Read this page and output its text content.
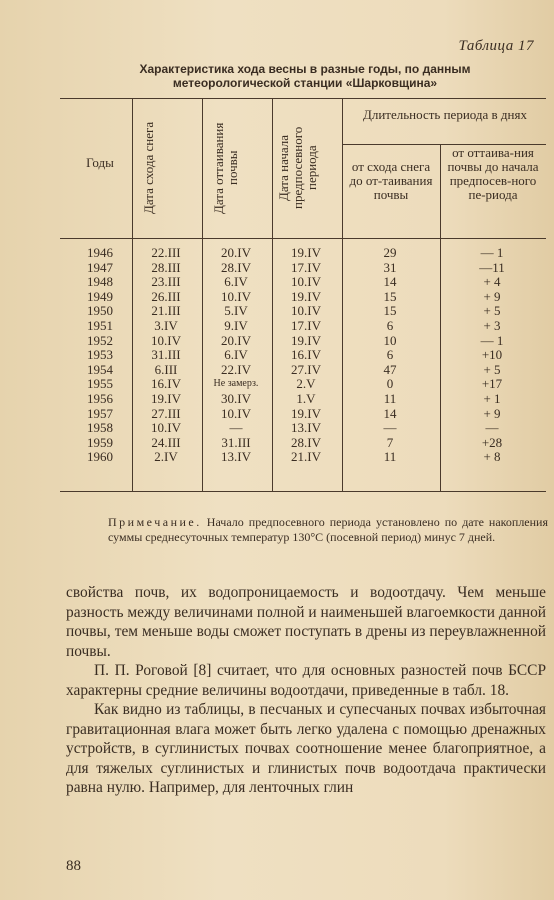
Таблица 17
Характеристика хода весны в разные годы, по данным
метеорологической станции «Шарковщина»
Годы	Дата схода снега	Дата оттаивания почвы	Дата начала предпосевного периода
Длительность периода в днях
от схода снега до от-таивания почвы
от оттаива-ния почвы до начала предпосев-ного пе-риода
1946	22.III	20.IV	19.IV	29	— 1
1947	28.III	28.IV	17.IV	31	—11
1948	23.III	6.IV	10.IV	14	+ 4
1949	26.III	10.IV	19.IV	15	+ 9
1950	21.III	5.IV	10.IV	15	+ 5
1951	3.IV	9.IV	17.IV	6	+ 3
1952	10.IV	20.IV	19.IV	10	— 1
1953	31.III	6.IV	16.IV	6	+10
1954	6.III	22.IV	27.IV	47	+ 5
1955	16.IV	Не замерз.	2.V	0	+17
1956	19.IV	30.IV	1.V	11	+ 1
1957	27.III	10.IV	19.IV	14	+ 9
1958	10.IV	—	13.IV	—	—
1959	24.III	31.III	28.IV	7	+28
1960	2.IV	13.IV	21.IV	11	+ 8
Примечание. Начало предпосевного периода установлено по дате накопления суммы среднесуточных температур 130°С (посевной период) минус 7 дней.

свойства почв, их водопроницаемость и водоотдачу. Чем меньше разность между величинами полной и наименьшей влагоемкости данной почвы, тем меньше воды сможет поступать в дрены из переувлажненной почвы.

П. П. Роговой [8] считает, что для основных разностей почв БССР характерны средние величины водоотдачи, приведенные в табл. 18.

Как видно из таблицы, в песчаных и супесчаных почвах избыточная гравитационная влага может быть легко удалена с помощью дренажных устройств, в суглинистых почвах соотношение менее благоприятное, а для тяжелых суглинистых и глинистых почв водоотдача практически равна нулю. Например, для ленточных глин

88
